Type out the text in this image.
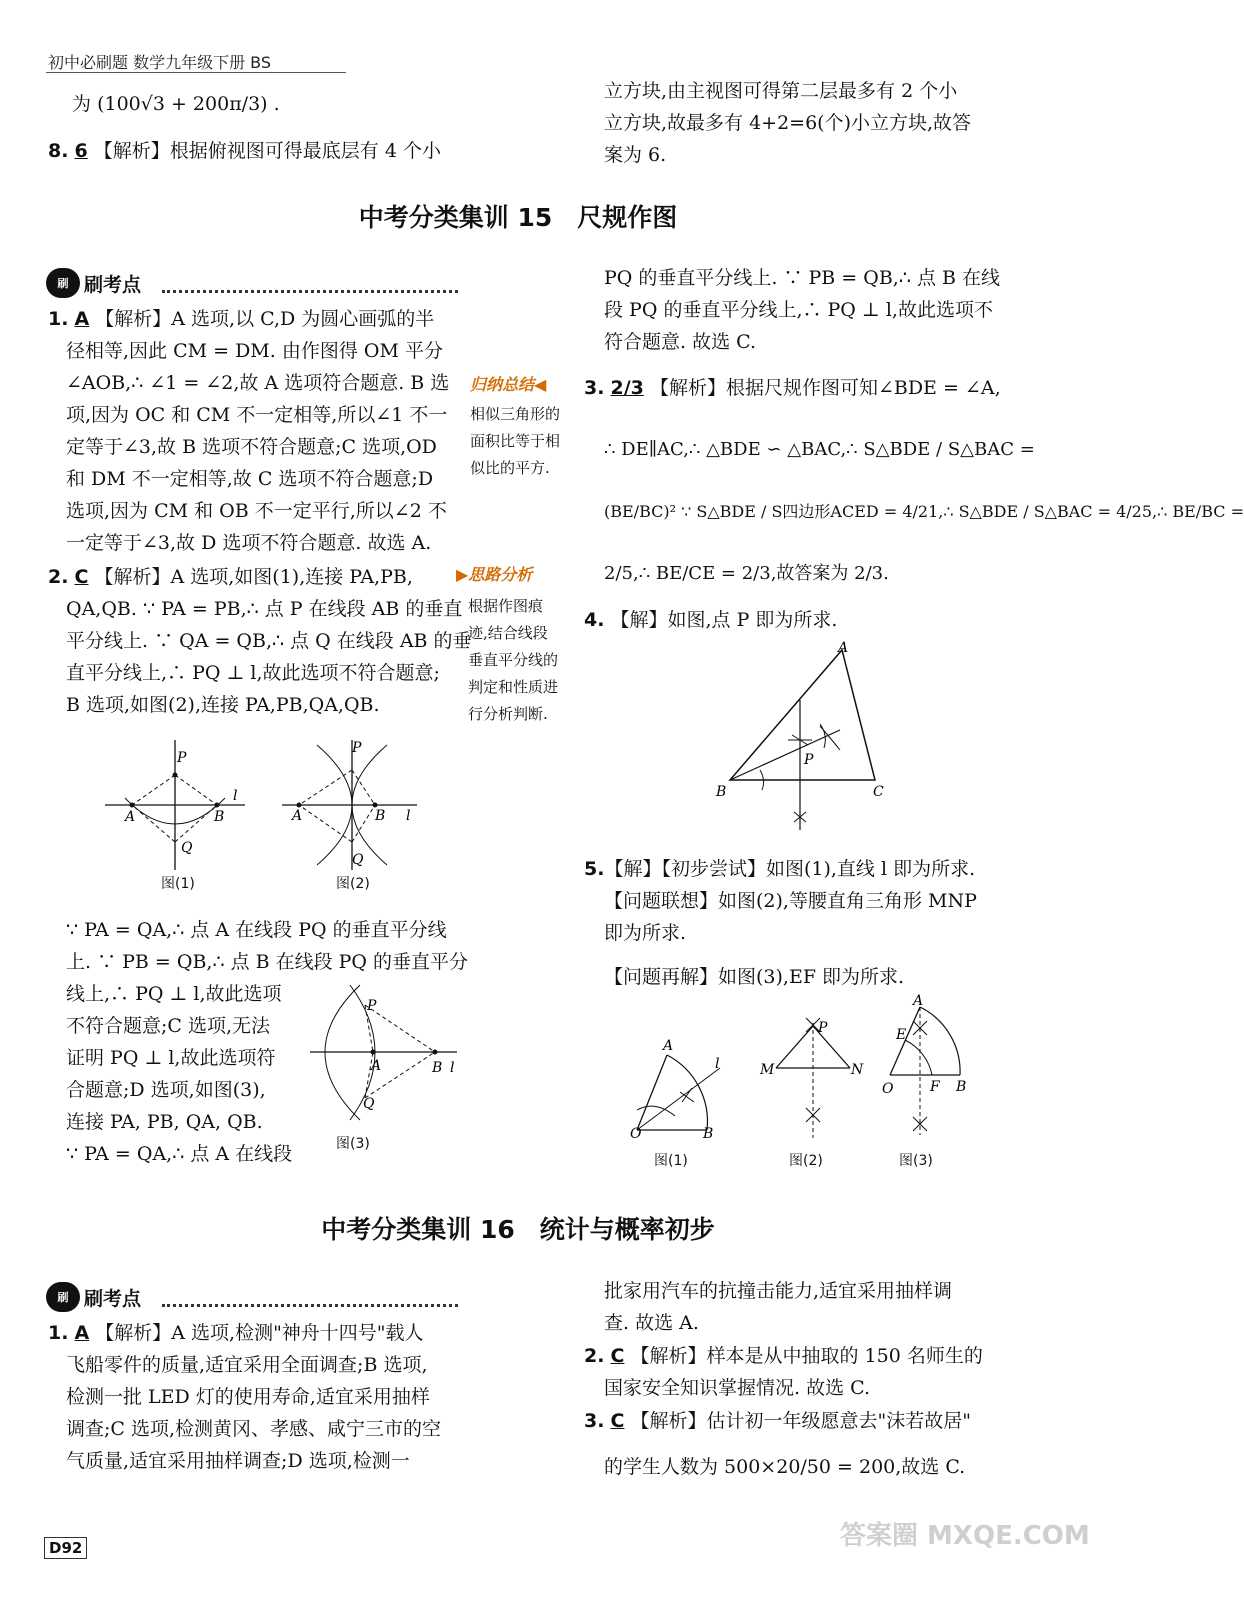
初中必刷题 数学九年级下册 BS
为 (100√3 + 200π/3) .
8. 6 【解析】根据俯视图可得最底层有 4 个小
立方块,由主视图可得第二层最多有 2 个小
立方块,故最多有 4+2=6(个)小立方块,故答
案为 6.
中考分类集训 15　尺规作图
刷 刷考点
1. A 【解析】A 选项,以 C,D 为圆心画弧的半
径相等,因此 CM = DM. 由作图得 OM 平分
∠AOB,∴ ∠1 = ∠2,故 A 选项符合题意. B 选
项,因为 OC 和 CM 不一定相等,所以∠1 不一
定等于∠3,故 B 选项不符合题意;C 选项,OD
和 DM 不一定相等,故 C 选项不符合题意;D
选项,因为 CM 和 OB 不一定平行,所以∠2 不
一定等于∠3,故 D 选项不符合题意. 故选 A.
归纳总结◀
相似三角形的
面积比等于相
似比的平方.
2. C 【解析】A 选项,如图(1),连接 PA,PB,
QA,QB. ∵ PA = PB,∴ 点 P 在线段 AB 的垂直
平分线上. ∵ QA = QB,∴ 点 Q 在线段 AB 的垂
直平分线上,∴ PQ ⊥ l,故此选项不符合题意;
B 选项,如图(2),连接 PA,PB,QA,QB.
▶思路分析
根据作图痕
迹,结合线段
垂直平分线的
判定和性质进
行分析判断.
P
A	B
l
Q
图(1)
P
A	B l
Q
图(2)
∵ PA = QA,∴ 点 A 在线段 PQ 的垂直平分线
上. ∵ PB = QB,∴ 点 B 在线段 PQ 的垂直平分
线上,∴ PQ ⊥ l,故此选项
不符合题意;C 选项,无法
证明 PQ ⊥ l,故此选项符
合题意;D 选项,如图(3),
连接 PA, PB, QA, QB.
∵ PA = QA,∴ 点 A 在线段
P
A	B l
Q
图(3)
PQ 的垂直平分线上. ∵ PB = QB,∴ 点 B 在线
段 PQ 的垂直平分线上,∴ PQ ⊥ l,故此选项不
符合题意. 故选 C.
3. 2/3 【解析】根据尺规作图可知∠BDE = ∠A,
∴ DE∥AC,∴ △BDE ∽ △BAC,∴ S△BDE / S△BAC =
(BE/BC)² ∵ S△BDE / S四边形ACED = 4/21,∴ S△BDE / S△BAC = 4/25,∴ BE/BC =
2/5,∴ BE/CE = 2/3,故答案为 2/3.
4. 【解】如图,点 P 即为所求.
A
B	C
P
5.【解】【初步尝试】如图(1),直线 l 即为所求.
【问题联想】如图(2),等腰直角三角形 MNP
即为所求.
【问题再解】如图(3),EF 即为所求.
A
O	B
l
图(1)
P
M	N
图(2)
A
E
O	F B
图(3)
中考分类集训 16　统计与概率初步
刷 刷考点
1. A 【解析】A 选项,检测"神舟十四号"载人
飞船零件的质量,适宜采用全面调查;B 选项,
检测一批 LED 灯的使用寿命,适宜采用抽样
调查;C 选项,检测黄冈、孝感、咸宁三市的空
气质量,适宜采用抽样调查;D 选项,检测一
批家用汽车的抗撞击能力,适宜采用抽样调
查. 故选 A.
2. C 【解析】样本是从中抽取的 150 名师生的
国家安全知识掌握情况. 故选 C.
3. C 【解析】估计初一年级愿意去"沫若故居"
的学生人数为 500×20/50 = 200,故选 C.
D92	答案圈 MXQE.COM
